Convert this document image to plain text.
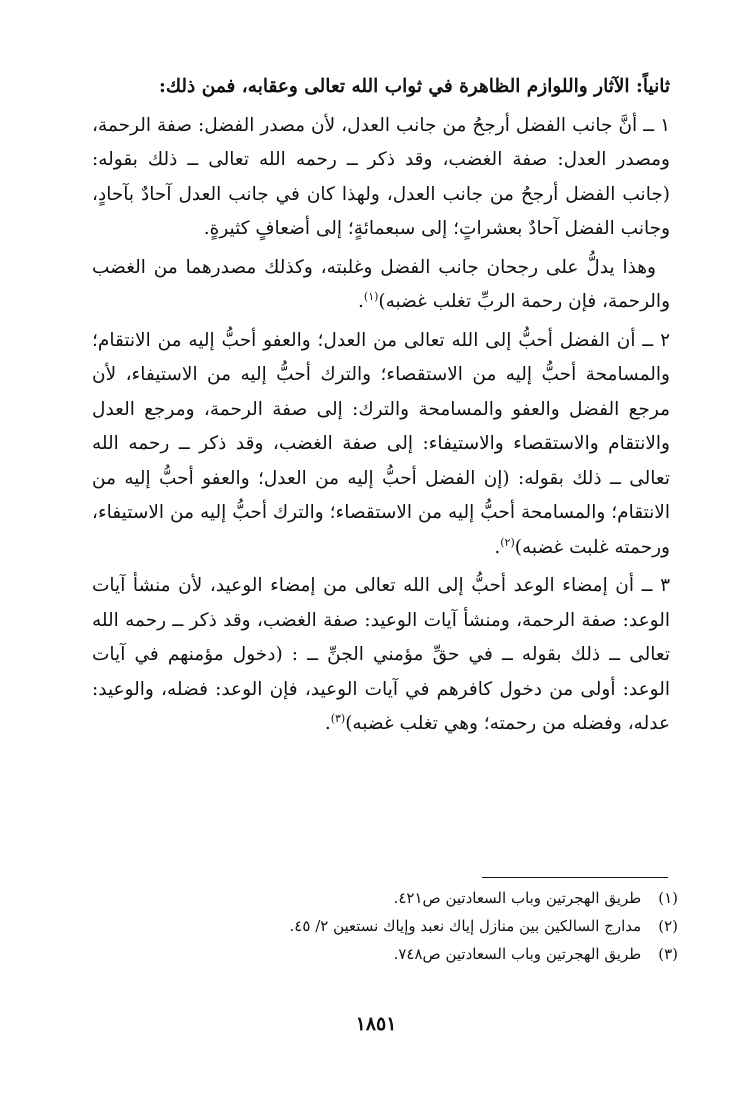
ثانياً: الآثار واللوازم الظاهرة في ثواب الله تعالى وعقابه، فمن ذلك:

١ ــ أنَّ جانب الفضل أرجحُ من جانب العدل، لأن مصدر الفضل: صفة الرحمة، ومصدر العدل: صفة الغضب، وقد ذكر ــ رحمه الله تعالى ــ ذلك بقوله: (جانب الفضل أرجحُ من جانب العدل، ولهذا كان في جانب العدل آحادٌ بآحادٍ، وجانب الفضل آحادٌ بعشراتٍ؛ إلى سبعمائةٍ؛ إلى أضعافٍ كثيرةٍ.

وهذا يدلُّ على رجحان جانب الفضل وغلبته، وكذلك مصدرهما من الغضب والرحمة، فإن رحمة الربِّ تغلب غضبه)$^{(١)}$.

٢ ــ أن الفضل أحبُّ إلى الله تعالى من العدل؛ والعفو أحبُّ إليه من الانتقام؛ والمسامحة أحبُّ إليه من الاستقصاء؛ والترك أحبُّ إليه من الاستيفاء، لأن مرجع الفضل والعفو والمسامحة والترك: إلى صفة الرحمة، ومرجع العدل والانتقام والاستقصاء والاستيفاء: إلى صفة الغضب، وقد ذكر ــ رحمه الله تعالى ــ ذلك بقوله: (إن الفضل أحبُّ إليه من العدل؛ والعفو أحبُّ إليه من الانتقام؛ والمسامحة أحبُّ إليه من الاستقصاء؛ والترك أحبُّ إليه من الاستيفاء، ورحمته غلبت غضبه)$^{(٢)}$.

٣ ــ أن إمضاء الوعد أحبُّ إلى الله تعالى من إمضاء الوعيد، لأن منشأ آيات الوعد: صفة الرحمة، ومنشأ آيات الوعيد: صفة الغضب، وقد ذكر ــ رحمه الله تعالى ــ ذلك بقوله ــ في حقِّ مؤمني الجنِّ ــ : (دخول مؤمنهم في آيات الوعد: أولى من دخول كافرهم في آيات الوعيد، فإن الوعد: فضله، والوعيد: عدله، وفضله من رحمته؛ وهي تغلب غضبه)$^{(٣)}$.

(١) طريق الهجرتين وباب السعادتين ص٤٢١.
(٢) مدارج السالكين بين منازل إياك نعبد وإياك نستعين ٢/ ٤٥.
(٣) طريق الهجرتين وباب السعادتين ص٧٤٨.
١٨٥١
